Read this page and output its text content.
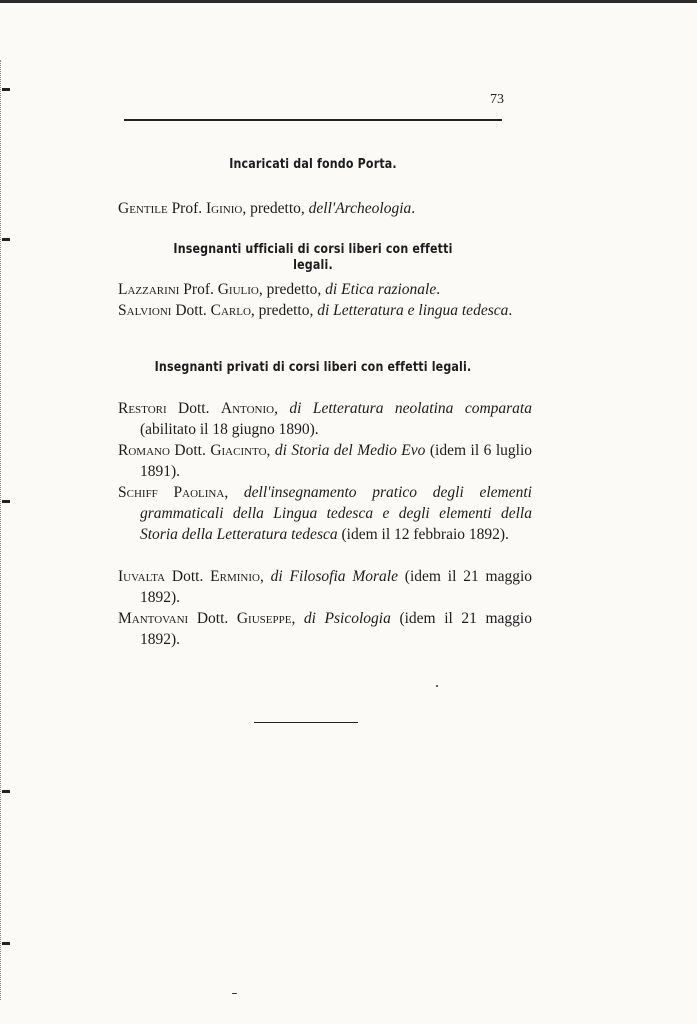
73
Incaricati dal fondo Porta.
Gentile Prof. Iginio, predetto, dell'Archeologia.
Insegnanti ufficiali di corsi liberi con effetti legali.
Lazzarini Prof. Giulio, predetto, di Etica razionale.
Salvioni Dott. Carlo, predetto, di Letteratura e lingua tedesca.
Insegnanti privati di corsi liberi con effetti legali.
Restori Dott. Antonio, di Letteratura neolatina comparata (abilitato il 18 giugno 1890).
Romano Dott. Giacinto, di Storia del Medio Evo (idem il 6 luglio 1891).
Schiff Paolina, dell'insegnamento pratico degli elementi grammaticali della Lingua tedesca e degli elementi della Storia della Letteratura tedesca (idem il 12 febbraio 1892).
Iuvalta Dott. Erminio, di Filosofia Morale (idem il 21 maggio 1892).
Mantovani Dott. Giuseppe, di Psicologia (idem il 21 maggio 1892).
